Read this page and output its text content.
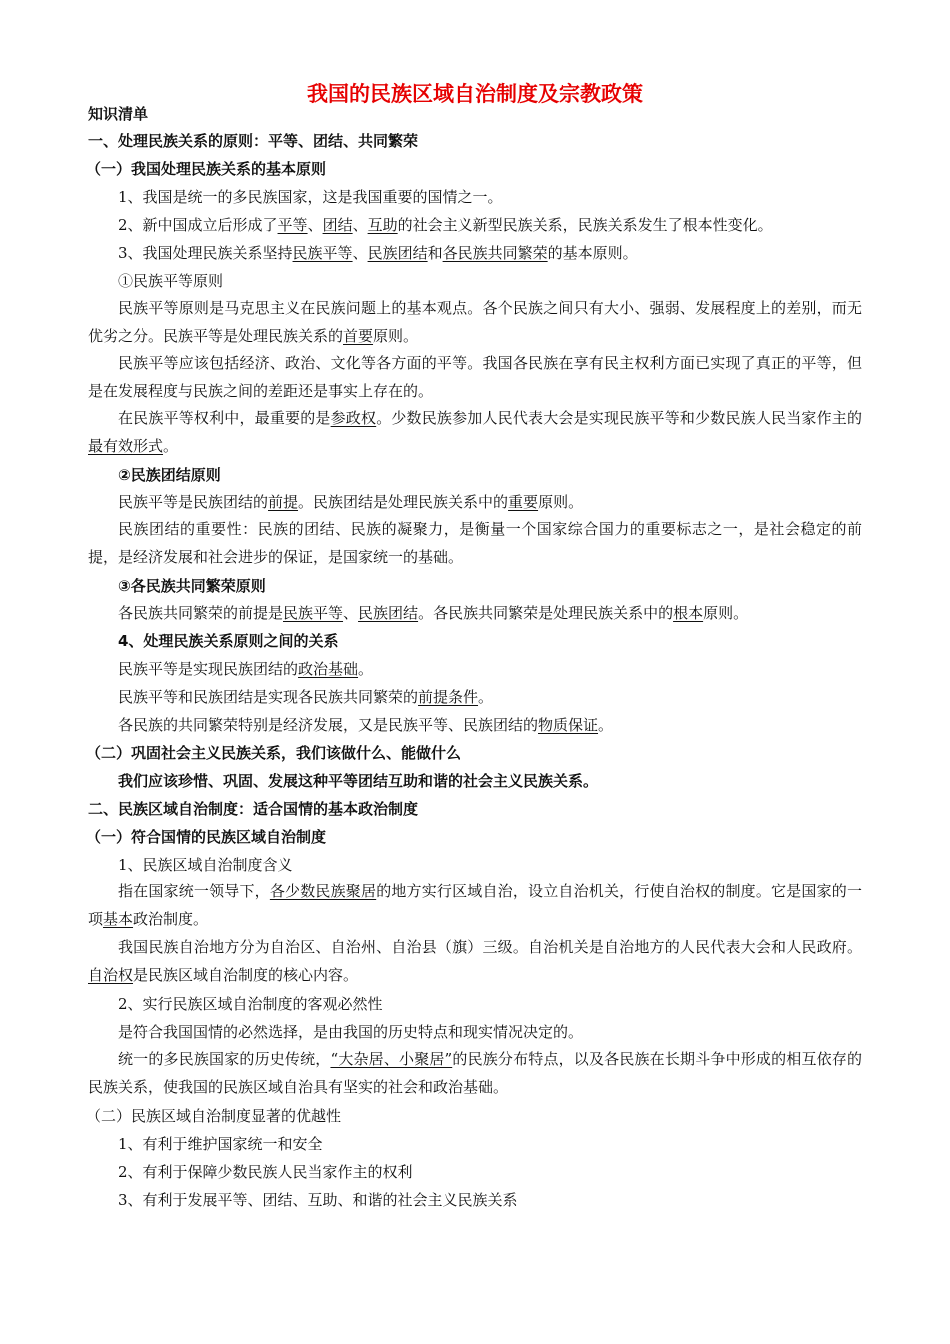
我国的民族区域自治制度及宗教政策
知识清单
一、处理民族关系的原则：平等、团结、共同繁荣
（一）我国处理民族关系的基本原则
1、我国是统一的多民族国家，这是我国重要的国情之一。
2、新中国成立后形成了平等、团结、互助的社会主义新型民族关系，民族关系发生了根本性变化。
3、我国处理民族关系坚持民族平等、民族团结和各民族共同繁荣的基本原则。
①民族平等原则
民族平等原则是马克思主义在民族问题上的基本观点。各个民族之间只有大小、强弱、发展程度上的差别，而无优劣之分。民族平等是处理民族关系的首要原则。
民族平等应该包括经济、政治、文化等各方面的平等。我国各民族在享有民主权利方面已实现了真正的平等，但是在发展程度与民族之间的差距还是事实上存在的。
在民族平等权利中，最重要的是参政权。少数民族参加人民代表大会是实现民族平等和少数民族人民当家作主的最有效形式。
②民族团结原则
民族平等是民族团结的前提。民族团结是处理民族关系中的重要原则。
民族团结的重要性：民族的团结、民族的凝聚力，是衡量一个国家综合国力的重要标志之一，是社会稳定的前提，是经济发展和社会进步的保证，是国家统一的基础。
③各民族共同繁荣原则
各民族共同繁荣的前提是民族平等、民族团结。各民族共同繁荣是处理民族关系中的根本原则。
4、处理民族关系原则之间的关系
民族平等是实现民族团结的政治基础。
民族平等和民族团结是实现各民族共同繁荣的前提条件。
各民族的共同繁荣特别是经济发展，又是民族平等、民族团结的物质保证。
（二）巩固社会主义民族关系，我们该做什么、能做什么
我们应该珍惜、巩固、发展这种平等团结互助和谐的社会主义民族关系。
二、民族区域自治制度：适合国情的基本政治制度
（一）符合国情的民族区域自治制度
1、民族区域自治制度含义
指在国家统一领导下，各少数民族聚居的地方实行区域自治，设立自治机关，行使自治权的制度。它是国家的一项基本政治制度。
我国民族自治地方分为自治区、自治州、自治县（旗）三级。自治机关是自治地方的人民代表大会和人民政府。自治权是民族区域自治制度的核心内容。
2、实行民族区域自治制度的客观必然性
是符合我国国情的必然选择，是由我国的历史特点和现实情况决定的。
统一的多民族国家的历史传统，“大杂居、小聚居”的民族分布特点，以及各民族在长期斗争中形成的相互依存的民族关系，使我国的民族区域自治具有坚实的社会和政治基础。
（二）民族区域自治制度显著的优越性
1、有利于维护国家统一和安全
2、有利于保障少数民族人民当家作主的权利
3、有利于发展平等、团结、互助、和谐的社会主义民族关系
